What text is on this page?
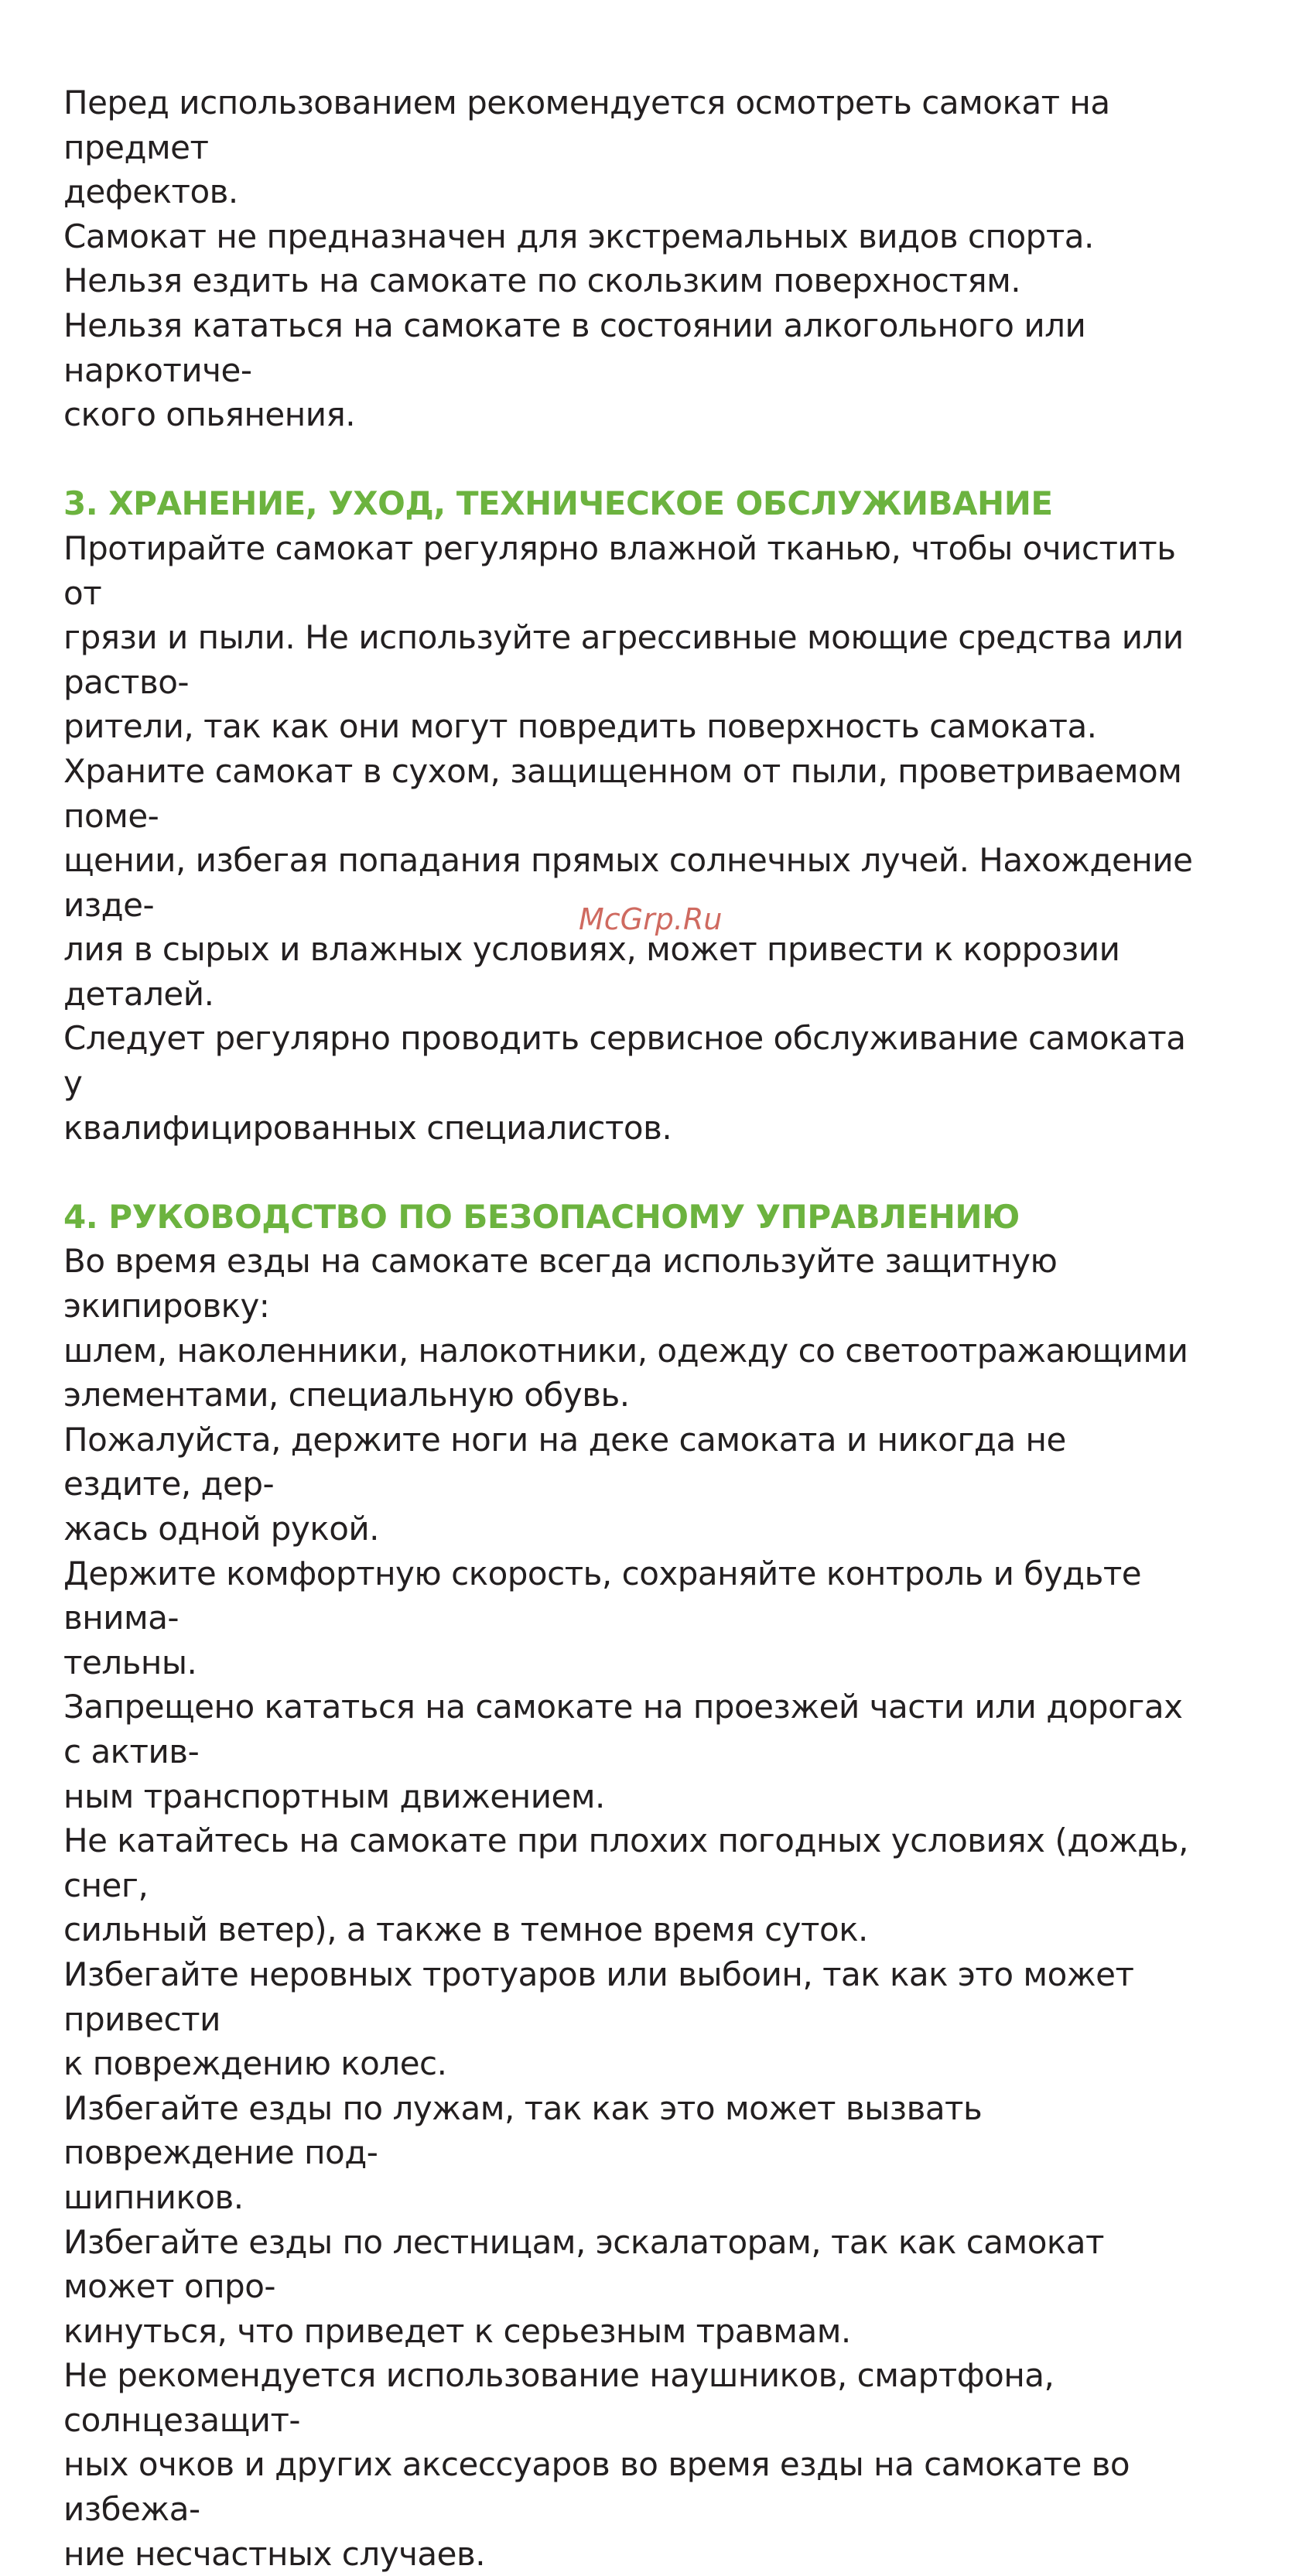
Перед использованием рекомендуется осмотреть самокат на предмет
дефектов.

Самокат не предназначен для экстремальных видов спорта.

Нельзя ездить на самокате по скользким поверхностям.

Нельзя кататься на самокате в состоянии алкогольного или наркотиче-
ского опьянения.

3. ХРАНЕНИЕ, УХОД, ТЕХНИЧЕСКОЕ ОБСЛУЖИВАНИЕ

Протирайте самокат регулярно влажной тканью, чтобы очистить от
грязи и пыли. Не используйте агрессивные моющие средства или раство-
рители, так как они могут повредить поверхность самоката.

Храните самокат в сухом, защищенном от пыли, проветриваемом поме-
щении, избегая попадания прямых солнечных лучей. Нахождение изде-
лия в сырых и влажных условиях, может привести к коррозии деталей.

Следует регулярно проводить сервисное обслуживание самоката у
квалифицированных специалистов.

4. РУКОВОДСТВО ПО БЕЗОПАСНОМУ УПРАВЛЕНИЮ

Во время езды на самокате всегда используйте защитную экипировку:
шлем, наколенники, налокотники, одежду со светоотражающими
элементами, специальную обувь.

Пожалуйста, держите ноги на деке самоката и никогда не ездите, дер-
жась одной рукой.

Держите комфортную скорость, сохраняйте контроль и будьте внима-
тельны.

Запрещено кататься на самокате на проезжей части или дорогах с актив-
ным транспортным движением.

Не катайтесь на самокате при плохих погодных условиях (дождь, снег,
сильный ветер), а также в темное время суток.

Избегайте неровных тротуаров или выбоин, так как это может привести
к повреждению колес.

Избегайте езды по лужам, так как это может вызвать повреждение под-
шипников.

Избегайте езды по лестницам, эскалаторам, так как самокат может опро-
кинуться, что приведет к серьезным травмам.

Не рекомендуется использование наушников, смартфона, солнцезащит-
ных очков и других аксессуаров во время езды на самокате во избежа-
ние несчастных случаев.

McGrp.Ru
